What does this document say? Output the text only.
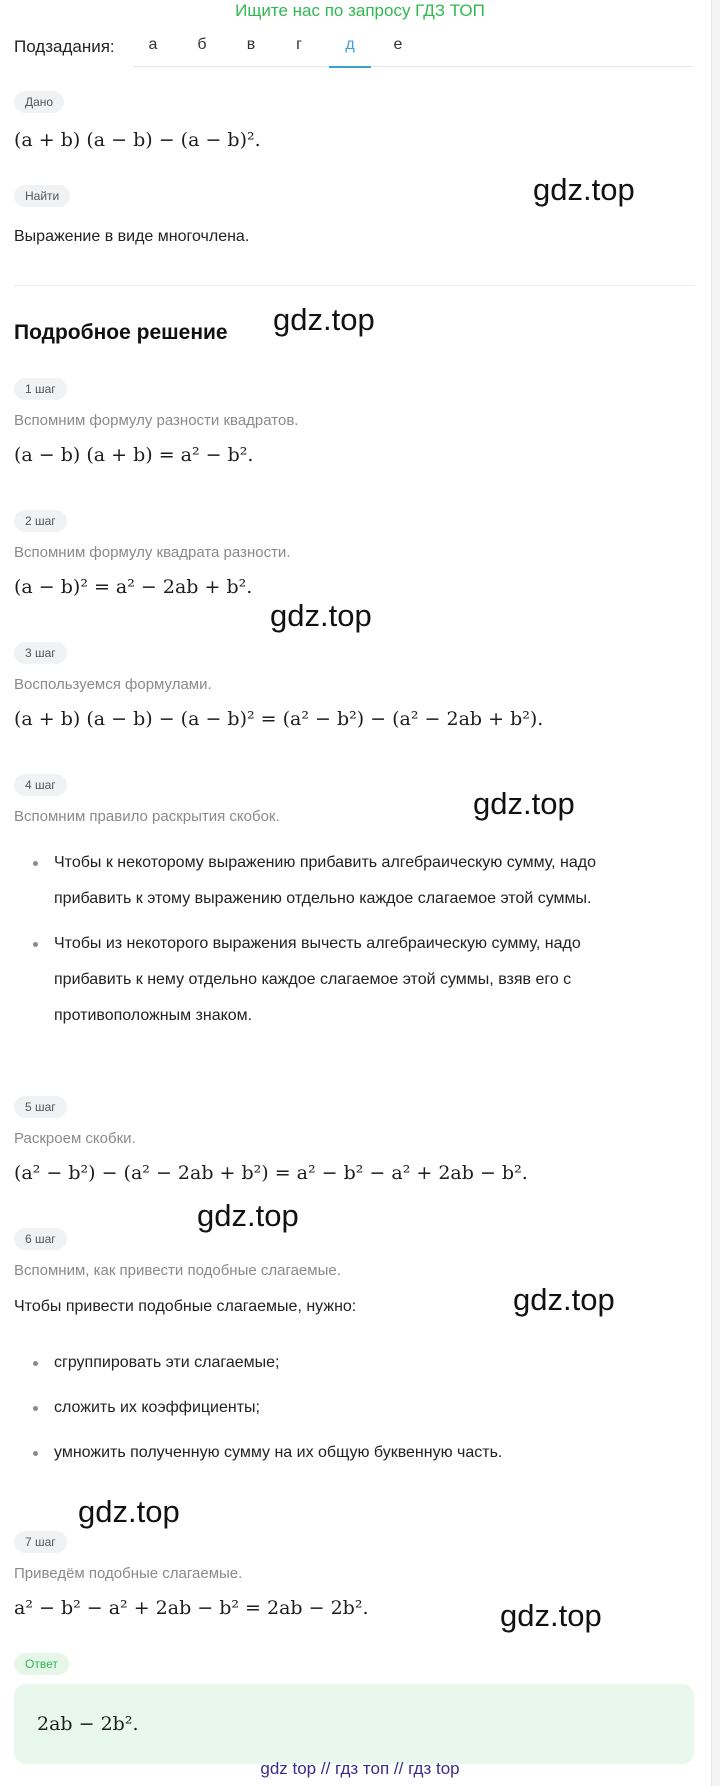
Ищите нас по запросу ГДЗ ТОП
Подзадания:	а	б	в	г	д	е
Дано
(a + b) (a − b) − (a − b)².
Найти
Выражение в виде многочлена.
Подробное решение
1 шаг
Вспомним формулу разности квадратов.
(a − b) (a + b) = a² − b².
2 шаг
Вспомним формулу квадрата разности.
(a − b)² = a² − 2ab + b².
3 шаг
Воспользуемся формулами.
(a + b) (a − b) − (a − b)² = (a² − b²) − (a² − 2ab + b²).
4 шаг
Вспомним правило раскрытия скобок.
Чтобы к некоторому выражению прибавить алгебраическую сумму, надо
прибавить к этому выражению отдельно каждое слагаемое этой суммы.
Чтобы из некоторого выражения вычесть алгебраическую сумму, надо
прибавить к нему отдельно каждое слагаемое этой суммы, взяв его с
противоположным знаком.
5 шаг
Раскроем скобки.
(a² − b²) − (a² − 2ab + b²) = a² − b² − a² + 2ab − b².
6 шаг
Вспомним, как привести подобные слагаемые.
Чтобы привести подобные слагаемые, нужно:
сгруппировать эти слагаемые;
сложить их коэффициенты;
умножить полученную сумму на их общую буквенную часть.
7 шаг
Приведём подобные слагаемые.
a² − b² − a² + 2ab − b² = 2ab − 2b².
Ответ
2ab − 2b².
gdz.top
gdz.top
gdz.top
gdz.top
gdz.top
gdz.top
gdz.top
gdz.top
gdz top // гдз топ // гдз top
